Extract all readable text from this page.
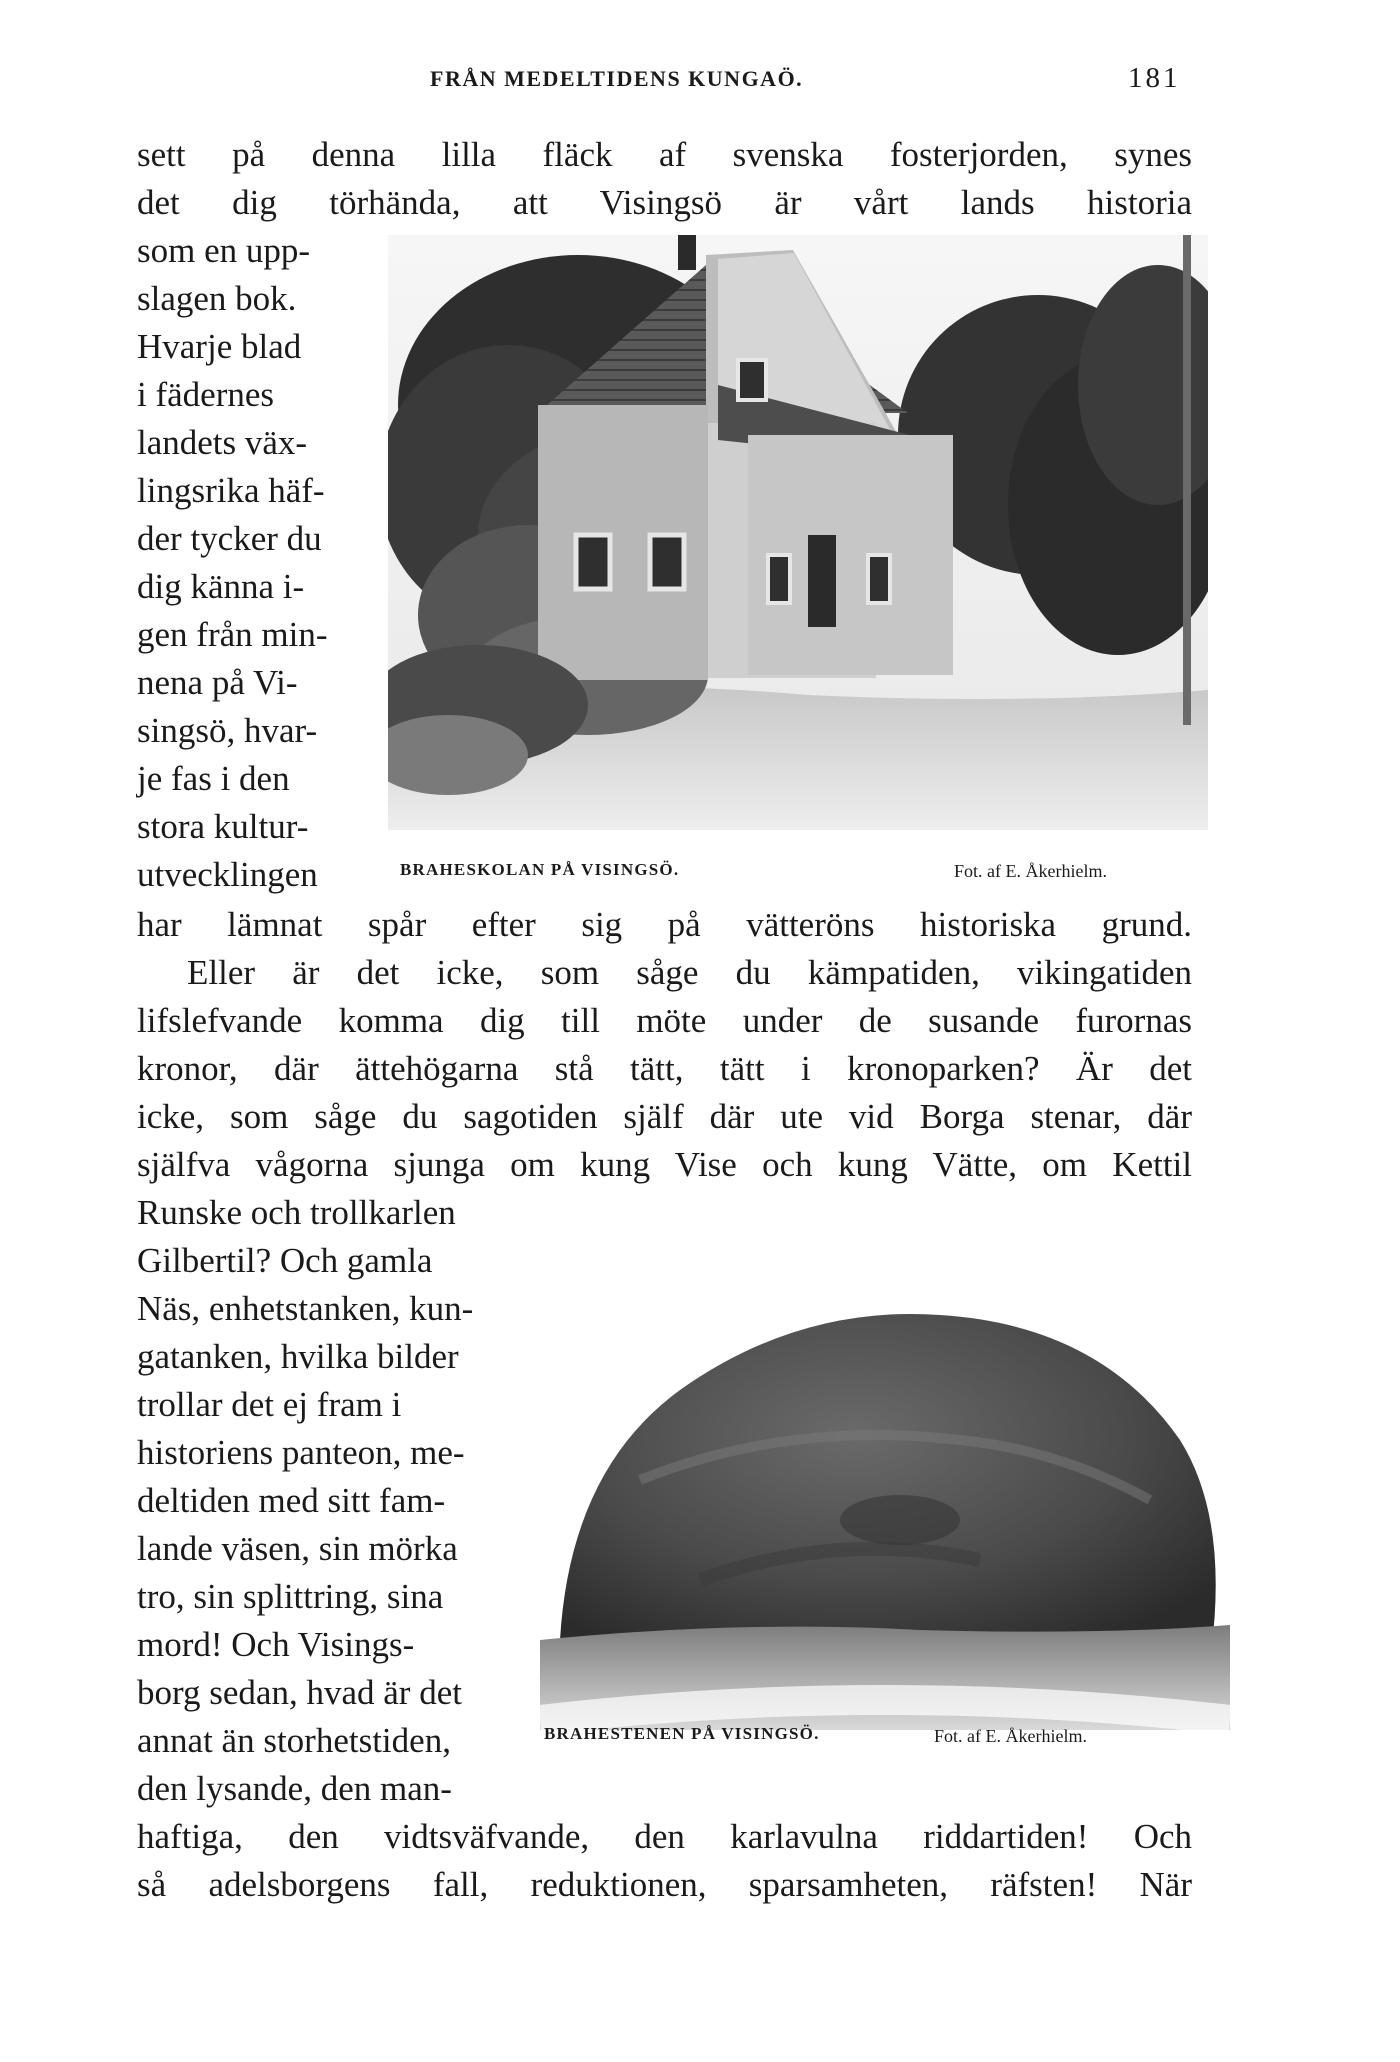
FRÅN MEDELTIDENS KUNGAÖ.	181
sett på denna lilla fläck af svenska fosterjorden, synes
det dig törhända, att Visingsö är vårt lands historia
som en upp-
slagen bok.
Hvarje blad
i fädernes
landets väx-
lingsrika häf-
der tycker du
dig känna i-
gen från min-
nena på Vi-
singsö, hvar-
je fas i den
stora kultur-
utvecklingen	BRAHESKOLAN PÅ VISINGSÖ.	Fot. af E. Åkerhielm.
har lämnat spår efter sig på vätteröns historiska grund.
Eller är det icke, som såge du kämpatiden, vikingatiden
lifslefvande komma dig till möte under de susande furornas
kronor, där ättehögarna stå tätt, tätt i kronoparken? Är det
icke, som såge du sagotiden själf där ute vid Borga stenar, där
själfva vågorna sjunga om kung Vise och kung Vätte, om Kettil
Runske och trollkarlen
Gilbertil? Och gamla
Näs, enhetstanken, kun-
gatanken, hvilka bilder
trollar det ej fram i
historiens panteon, me-
deltiden med sitt fam-
lande väsen, sin mörka
tro, sin splittring, sina
mord! Och Visings-
borg sedan, hvad är det
annat än storhetstiden,
den lysande, den man-
BRAHESTENEN PÅ VISINGSÖ.	Fot. af E. Åkerhielm.
haftiga, den vidtsväfvande, den karlavulna riddartiden! Och
så adelsborgens fall, reduktionen, sparsamheten, räfsten! När
